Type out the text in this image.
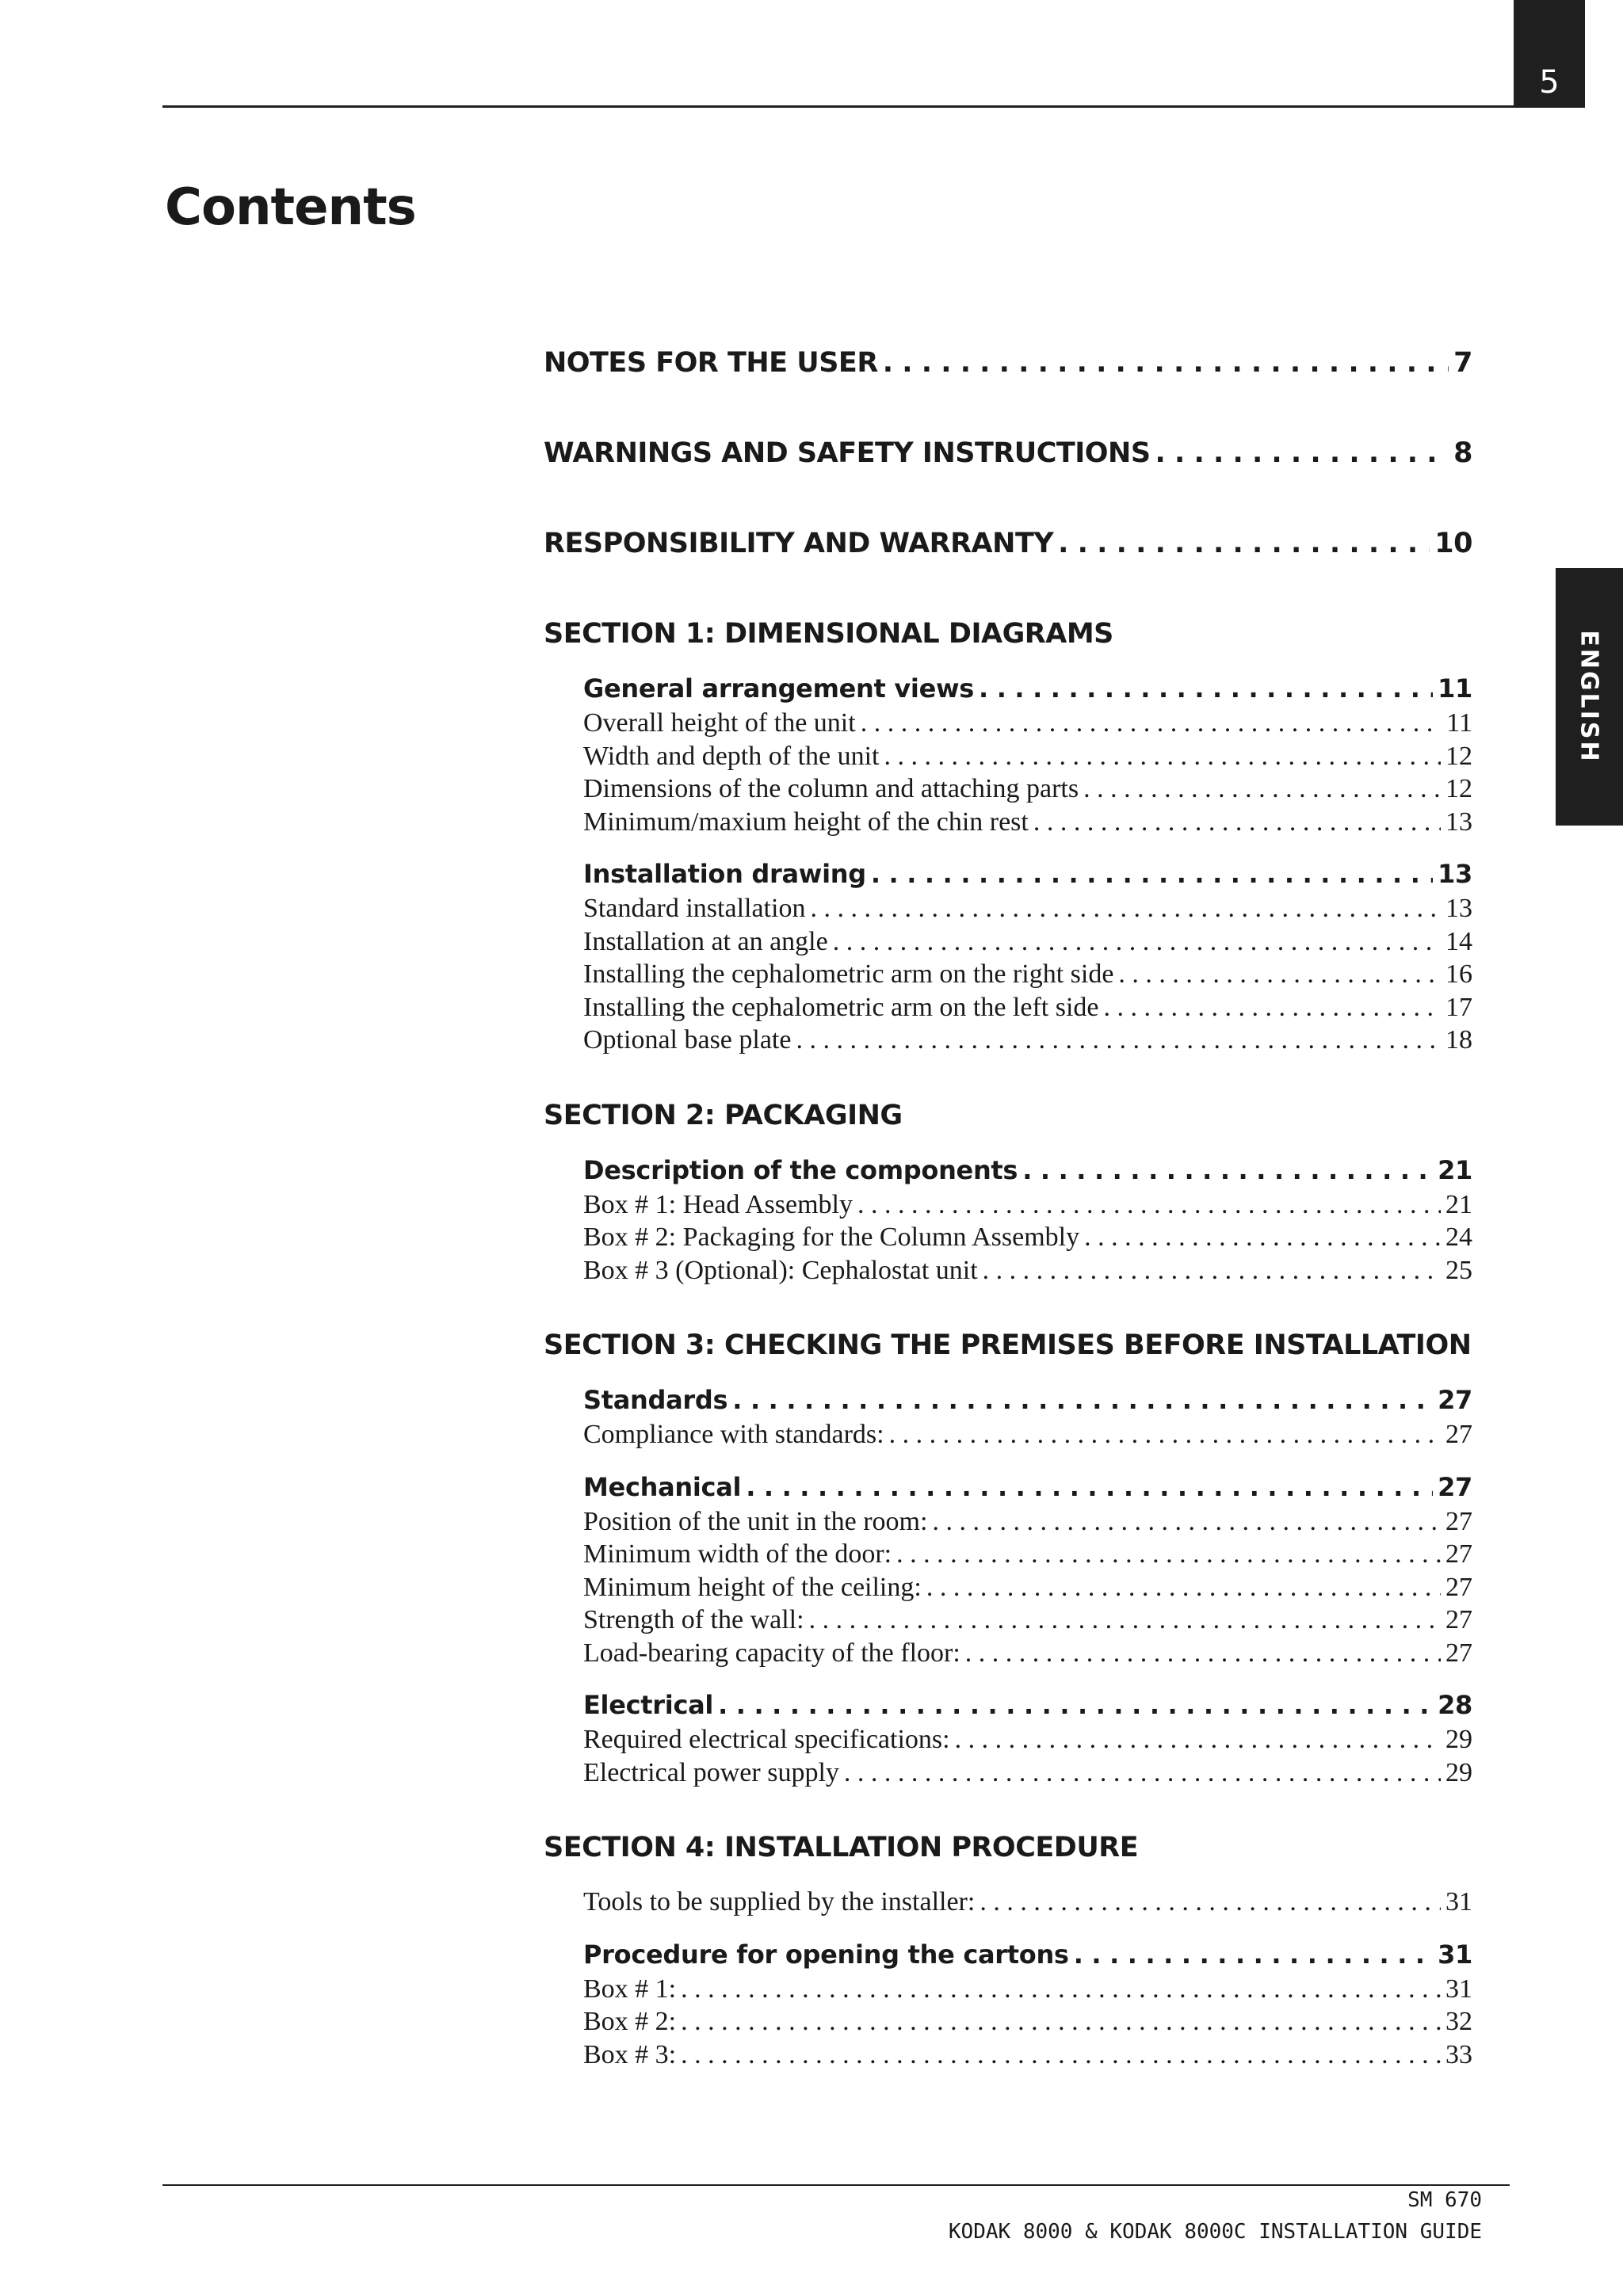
5
Contents
ENGLISH
NOTES FOR THE USER . . .	7
WARNINGS AND SAFETY INSTRUCTIONS . . .	8
RESPONSIBILITY AND WARRANTY . . .	10
SECTION 1: DIMENSIONAL DIAGRAMS
General arrangement views . . .	11
Overall height of the unit . . .	11
Width and depth of the unit . . .	12
Dimensions of the column and attaching parts . . .	12
Minimum/maxium height of the chin rest . . .	13
Installation drawing . . .	13
Standard installation . . .	13
Installation at an angle . . .	14
Installing the cephalometric arm on the right side . . .	16
Installing the cephalometric arm on the left side . . .	17
Optional base plate . . .	18
SECTION 2: PACKAGING
Description of the components . . .	21
Box # 1: Head Assembly . . .	21
Box # 2: Packaging for the Column Assembly . . .	24
Box # 3 (Optional): Cephalostat unit . . .	25
SECTION 3: CHECKING THE PREMISES BEFORE INSTALLATION
Standards . . .	27
Compliance with standards: . . .	27
Mechanical . . .	27
Position of the unit in the room: . . .	27
Minimum width of the door: . . .	27
Minimum height of the ceiling: . . .	27
Strength of the wall: . . .	27
Load-bearing capacity of the floor: . . .	27
Electrical . . .	28
Required electrical specifications: . . .	29
Electrical power supply . . .	29
SECTION 4: INSTALLATION PROCEDURE
Tools to be supplied by the installer: . . .	31
Procedure for opening the cartons . . .	31
Box # 1: . . .	31
Box # 2: . . .	32
Box # 3: . . .	33
SM 670
KODAK 8000 & KODAK 8000C INSTALLATION GUIDE
